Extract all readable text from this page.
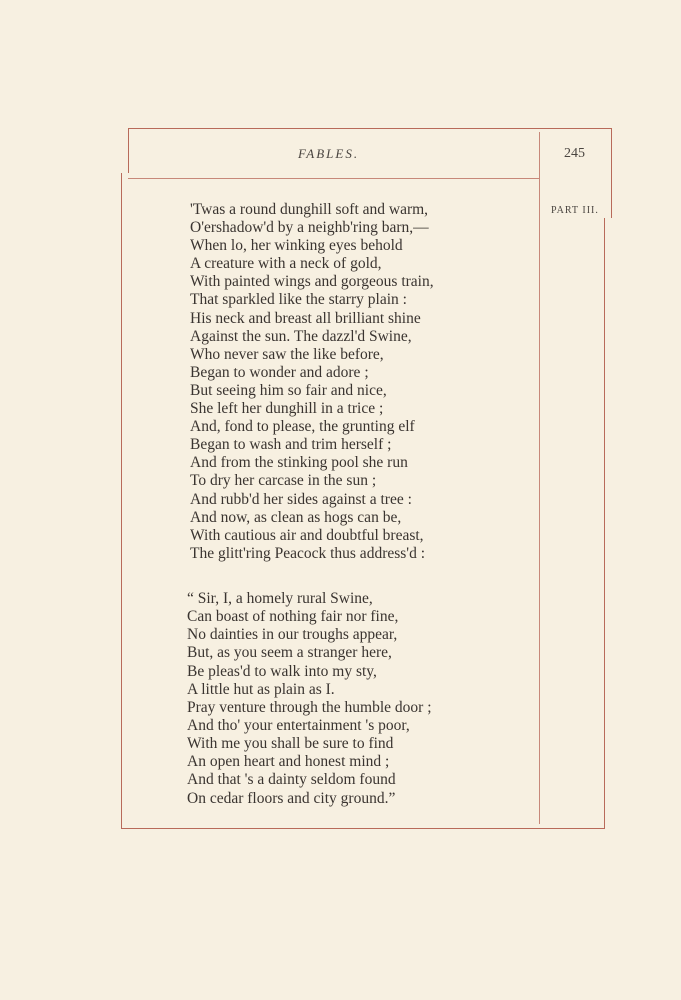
FABLES.	245
PART III.
'Twas a round dunghill soft and warm,
O'ershadow'd by a neighb'ring barn,—
When lo, her winking eyes behold
A creature with a neck of gold,
With painted wings and gorgeous train,
That sparkled like the starry plain :
His neck and breast all brilliant shine
Against the sun. The dazzl'd Swine,
Who never saw the like before,
Began to wonder and adore ;
But seeing him so fair and nice,
She left her dunghill in a trice ;
And, fond to please, the grunting elf
Began to wash and trim herself ;
And from the stinking pool she run
To dry her carcase in the sun ;
And rubb'd her sides against a tree :
And now, as clean as hogs can be,
With cautious air and doubtful breast,
The glitt'ring Peacock thus address'd :
“ Sir, I, a homely rural Swine,
Can boast of nothing fair nor fine,
No dainties in our troughs appear,
But, as you seem a stranger here,
Be pleas'd to walk into my sty,
A little hut as plain as I.
Pray venture through the humble door ;
And tho' your entertainment 's poor,
With me you shall be sure to find
An open heart and honest mind ;
And that 's a dainty seldom found
On cedar floors and city ground.”
